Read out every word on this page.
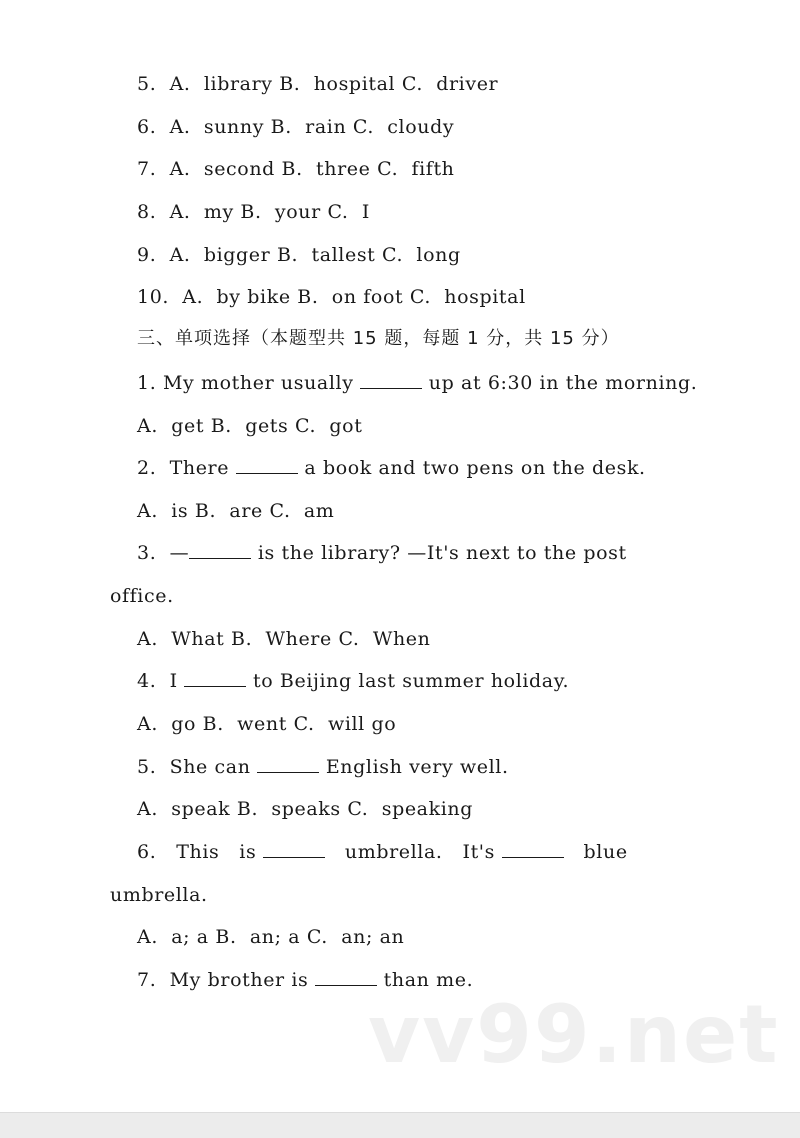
5.  A.  library B.  hospital C.  driver
6.  A.  sunny B.  rain C.  cloudy
7.  A.  second B.  three C.  fifth
8.  A.  my B.  your C.  I
9.  A.  bigger B.  tallest C.  long
10.  A.  by bike B.  on foot C.  hospital
三、单项选择（本题型共 15 题，每题 1 分，共 15 分）
1. My mother usually	up at 6:30 in the morning.
A.  get B.  gets C.  got
2.  There	a book and two pens on the desk.
A.  is B.  are C.  am
3.  —	is the library? —It's next to the post
office.
A.  What B.  Where C.  When
4.  I	to Beijing last summer holiday.
A.  go B.  went C.  will go
5.  She can	English very well.
A.  speak B.  speaks C.  speaking
6.   This   is	umbrella.   It's	blue
umbrella.
A.  a; a B.  an; a C.  an; an
7.  My brother is	than me.
vv99.net
